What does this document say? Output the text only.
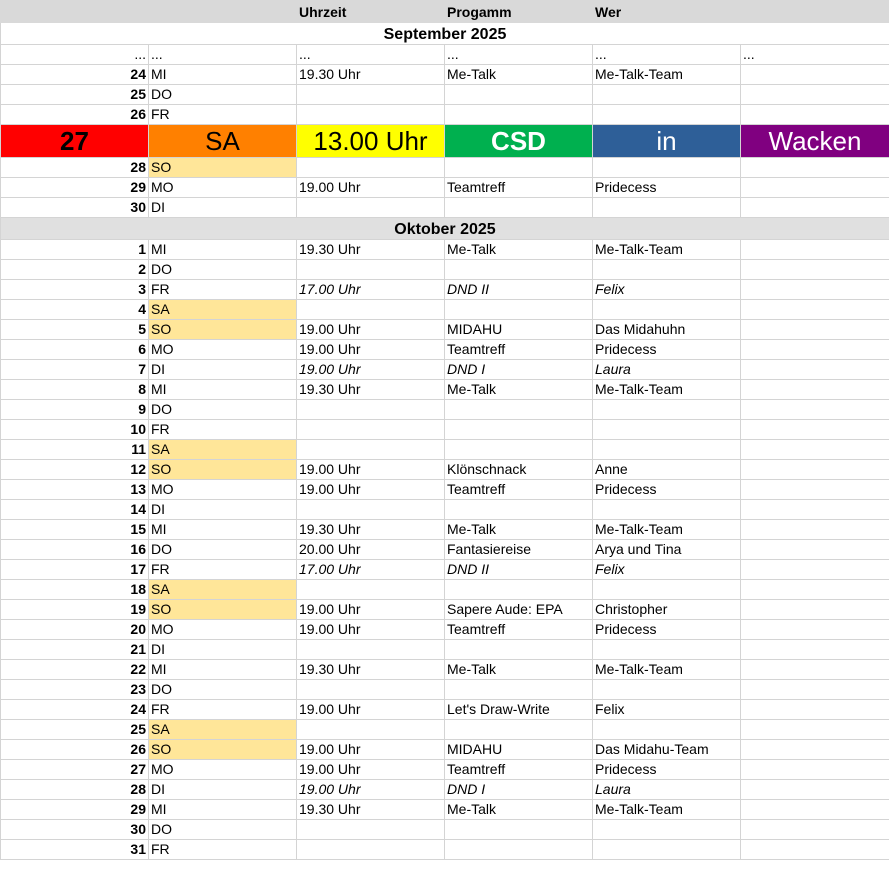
		Uhrzeit	Progamm	Wer	
September 2025					
...	...	...	...	...	...
24	MI	19.30 Uhr	Me-Talk	Me-Talk-Team	
25	DO				
26	FR				
27	SA	13.00 Uhr	CSD	in	Wacken
28	SO				
29	MO	19.00 Uhr	Teamtreff	Pridecess	
30	DI				
Oktober 2025					
1	MI	19.30 Uhr	Me-Talk	Me-Talk-Team	
2	DO				
3	FR	17.00 Uhr	DND II	Felix	
4	SA				
5	SO	19.00 Uhr	MIDAHU	Das Midahuhn	
6	MO	19.00 Uhr	Teamtreff	Pridecess	
7	DI	19.00 Uhr	DND I	Laura	
8	MI	19.30 Uhr	Me-Talk	Me-Talk-Team	
9	DO				
10	FR				
11	SA				
12	SO	19.00 Uhr	Klönschnack	Anne	
13	MO	19.00 Uhr	Teamtreff	Pridecess	
14	DI				
15	MI	19.30 Uhr	Me-Talk	Me-Talk-Team	
16	DO	20.00 Uhr	Fantasiereise	Arya und Tina	
17	FR	17.00 Uhr	DND II	Felix	
18	SA				
19	SO	19.00 Uhr	Sapere Aude: EPA	Christopher	
20	MO	19.00 Uhr	Teamtreff	Pridecess	
21	DI				
22	MI	19.30 Uhr	Me-Talk	Me-Talk-Team	
23	DO				
24	FR	19.00 Uhr	Let's Draw-Write	Felix	
25	SA				
26	SO	19.00 Uhr	MIDAHU	Das Midahu-Team	
27	MO	19.00 Uhr	Teamtreff	Pridecess	
28	DI	19.00 Uhr	DND I	Laura	
29	MI	19.30 Uhr	Me-Talk	Me-Talk-Team	
30	DO				
31	FR				
